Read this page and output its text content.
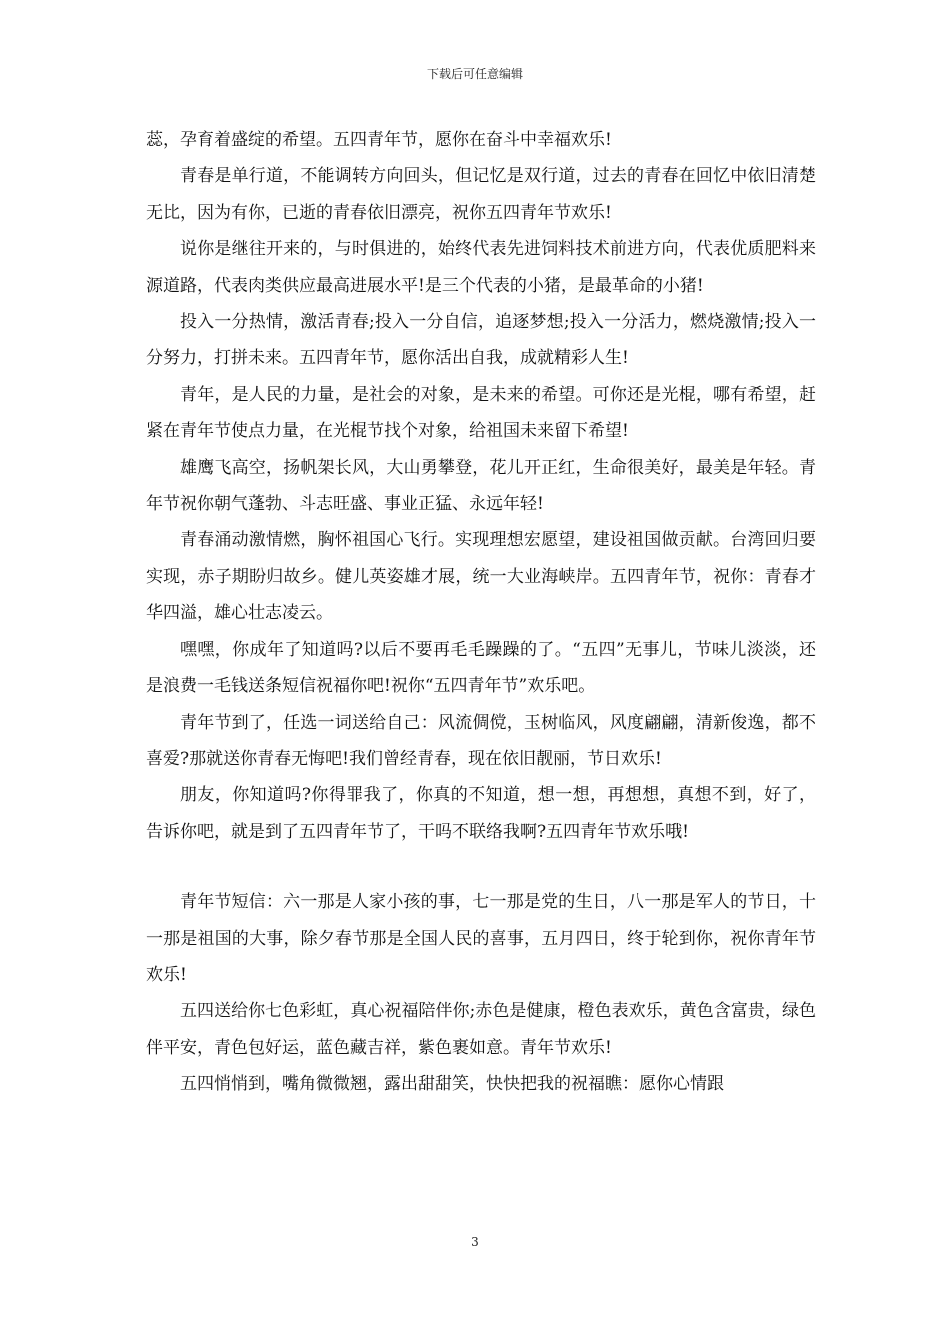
下载后可任意编辑

蕊，孕育着盛绽的希望。五四青年节，愿你在奋斗中幸福欢乐!

青春是单行道，不能调转方向回头，但记忆是双行道，过去的青春在回忆中依旧清楚无比，因为有你，已逝的青春依旧漂亮，祝你五四青年节欢乐!

说你是继往开来的，与时俱进的，始终代表先进饲料技术前进方向，代表优质肥料来源道路，代表肉类供应最高进展水平!是三个代表的小猪，是最革命的小猪!

投入一分热情，激活青春;投入一分自信，追逐梦想;投入一分活力，燃烧激情;投入一分努力，打拼未来。五四青年节，愿你活出自我，成就精彩人生!

青年，是人民的力量，是社会的对象，是未来的希望。可你还是光棍，哪有希望，赶紧在青年节使点力量，在光棍节找个对象，给祖国未来留下希望!

雄鹰飞高空，扬帆架长风，大山勇攀登，花儿开正红，生命很美好，最美是年轻。青年节祝你朝气蓬勃、斗志旺盛、事业正猛、永远年轻!

青春涌动激情燃，胸怀祖国心飞行。实现理想宏愿望，建设祖国做贡献。台湾回归要实现，赤子期盼归故乡。健儿英姿雄才展，统一大业海峡岸。五四青年节，祝你：青春才华四溢，雄心壮志凌云。

嘿嘿，你成年了知道吗?以后不要再毛毛躁躁的了。“五四”无事儿，节味儿淡淡，还是浪费一毛钱送条短信祝福你吧!祝你“五四青年节”欢乐吧。

青年节到了，任选一词送给自己：风流倜傥，玉树临风，风度翩翩，清新俊逸，都不喜爱?那就送你青春无悔吧!我们曾经青春，现在依旧靓丽，节日欢乐!

朋友，你知道吗?你得罪我了，你真的不知道，想一想，再想想，真想不到，好了，告诉你吧，就是到了五四青年节了，干吗不联络我啊?五四青年节欢乐哦!

青年节短信：六一那是人家小孩的事，七一那是党的生日，八一那是军人的节日，十一那是祖国的大事，除夕春节那是全国人民的喜事，五月四日，终于轮到你，祝你青年节欢乐!

五四送给你七色彩虹，真心祝福陪伴你;赤色是健康，橙色表欢乐，黄色含富贵，绿色伴平安，青色包好运，蓝色藏吉祥，紫色裹如意。青年节欢乐!

五四悄悄到，嘴角微微翘，露出甜甜笑，快快把我的祝福瞧：愿你心情跟

3
